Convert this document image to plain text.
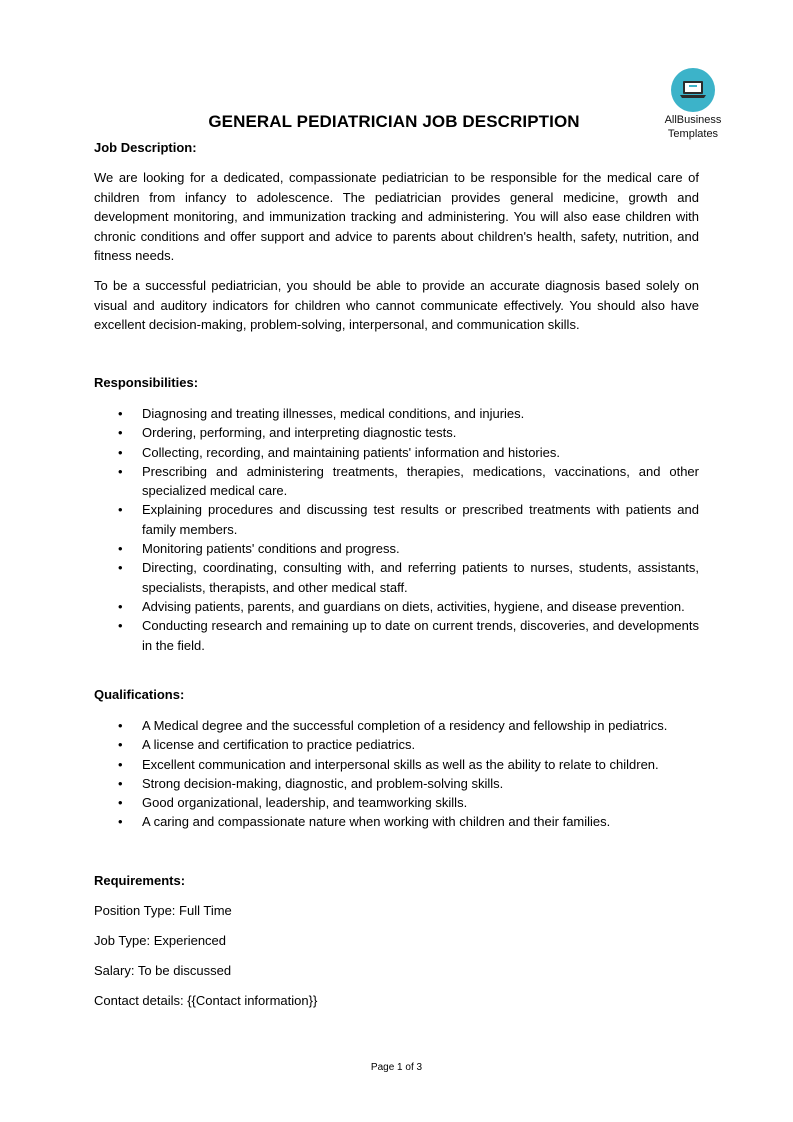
AllBusiness
Templates
GENERAL PEDIATRICIAN JOB DESCRIPTION
Job Description:

We are looking for a dedicated, compassionate pediatrician to be responsible for the medical care of children from infancy to adolescence. The pediatrician provides general medicine, growth and development monitoring, and immunization tracking and administering. You will also ease children with chronic conditions and offer support and advice to parents about children's health, safety, nutrition, and fitness needs.

To be a successful pediatrician, you should be able to provide an accurate diagnosis based solely on visual and auditory indicators for children who cannot communicate effectively. You should also have excellent decision-making, problem-solving, interpersonal, and communication skills.

Responsibilities:
• Diagnosing and treating illnesses, medical conditions, and injuries.
• Ordering, performing, and interpreting diagnostic tests.
• Collecting, recording, and maintaining patients' information and histories.
• Prescribing and administering treatments, therapies, medications, vaccinations, and other specialized medical care.
• Explaining procedures and discussing test results or prescribed treatments with patients and family members.
• Monitoring patients' conditions and progress.
• Directing, coordinating, consulting with, and referring patients to nurses, students, assistants, specialists, therapists, and other medical staff.
• Advising patients, parents, and guardians on diets, activities, hygiene, and disease prevention.
• Conducting research and remaining up to date on current trends, discoveries, and developments in the field.
Qualifications:
• A Medical degree and the successful completion of a residency and fellowship in pediatrics.
• A license and certification to practice pediatrics.
• Excellent communication and interpersonal skills as well as the ability to relate to children.
• Strong decision-making, diagnostic, and problem-solving skills.
• Good organizational, leadership, and teamworking skills.
• A caring and compassionate nature when working with children and their families.
Requirements:
Position Type: Full Time
Job Type: Experienced
Salary: To be discussed
Contact details: {{Contact information}}
Page 1 of 3
